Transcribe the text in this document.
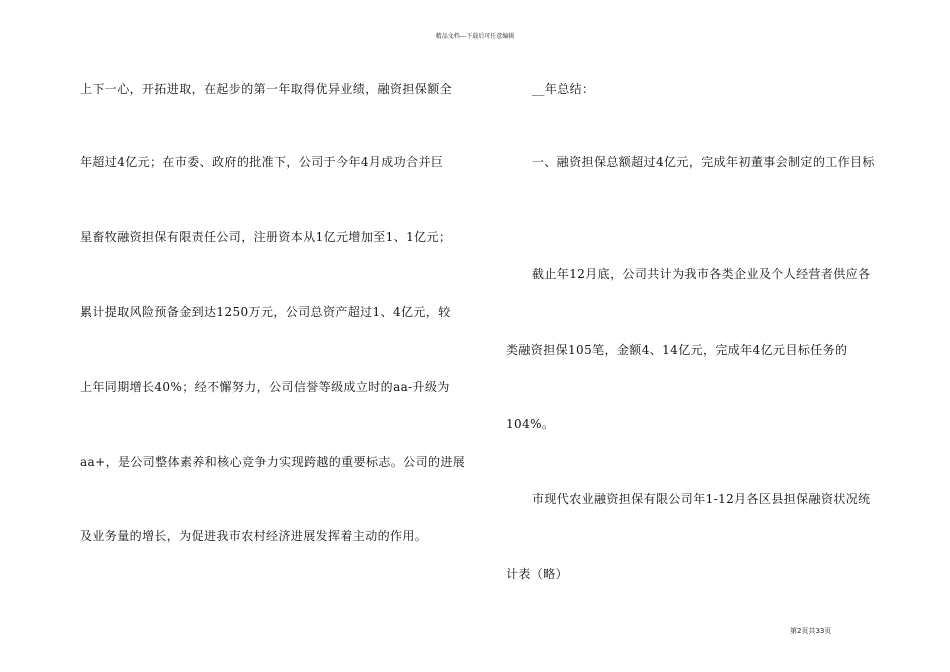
精品文档---下载后可任意编辑
上下一心，开拓进取，在起步的第一年取得优异业绩，融资担保额全
年超过4亿元；在市委、政府的批准下，公司于今年4月成功合并巨
星畜牧融资担保有限责任公司，注册资本从1亿元增加至1、1亿元；
累计提取风险预备金到达1250万元，公司总资产超过1、4亿元，较
上年同期增长40%；经不懈努力，公司信誉等级成立时的aa-升级为
aa+，是公司整体素养和核心竞争力实现跨越的重要标志。公司的进展
及业务量的增长，为促进我市农村经济进展发挥着主动的作用。
__年总结：
一、融资担保总额超过4亿元，完成年初董事会制定的工作目标
截止年12月底，公司共计为我市各类企业及个人经营者供应各
类融资担保105笔，金额4、14亿元，完成年4亿元目标任务的
104%。
市现代农业融资担保有限公司年1-12月各区县担保融资状况统
计表（略）
第2页共33页
